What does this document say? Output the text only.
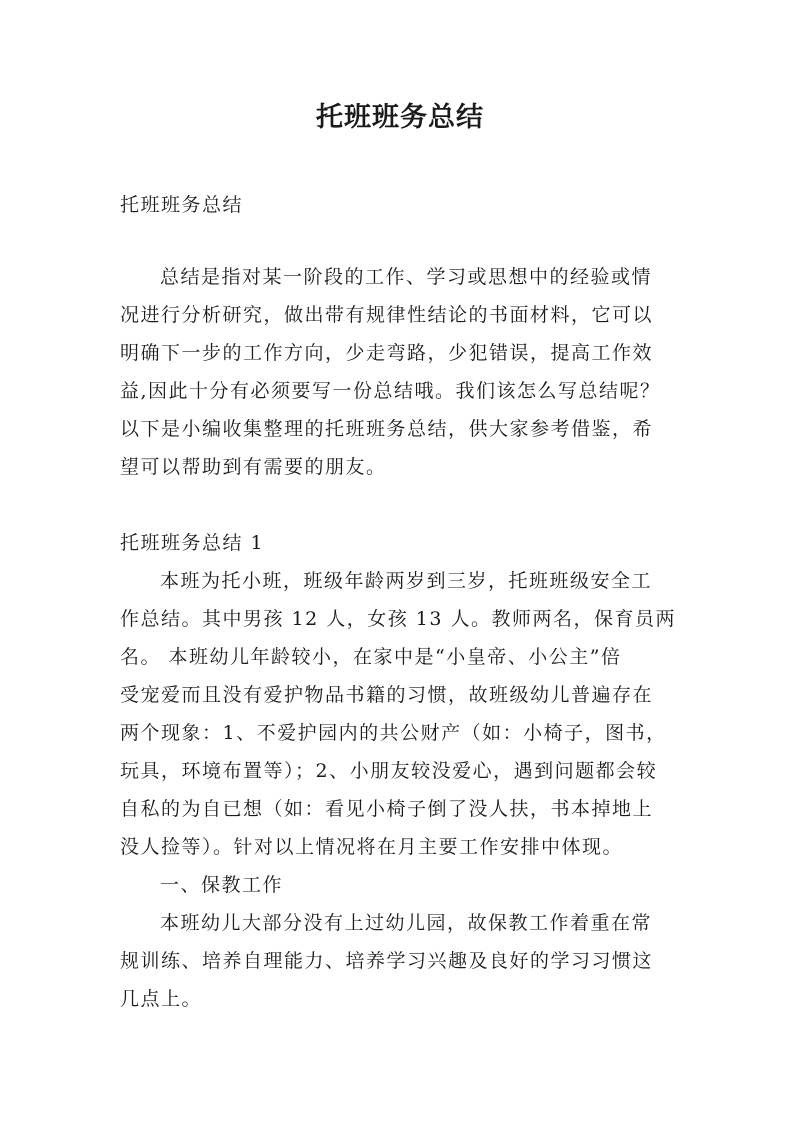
托班班务总结
托班班务总结
总结是指对某一阶段的工作、学习或思想中的经验或情
况进行分析研究，做出带有规律性结论的书面材料，它可以
明确下一步的工作方向，少走弯路，少犯错误，提高工作效
益,因此十分有必须要写一份总结哦。我们该怎么写总结呢？
以下是小编收集整理的托班班务总结，供大家参考借鉴，希
望可以帮助到有需要的朋友。
托班班务总结 1
本班为托小班，班级年龄两岁到三岁，托班班级安全工
作总结。其中男孩 12 人，女孩 13 人。教师两名，保育员两
名。 本班幼儿年龄较小，在家中是“小皇帝、小公主”倍
受宠爱而且没有爱护物品书籍的习惯，故班级幼儿普遍存在
两个现象：1、不爱护园内的共公财产（如：小椅子，图书，
玩具，环境布置等）；2、小朋友较没爱心，遇到问题都会较
自私的为自已想（如：看见小椅子倒了没人扶，书本掉地上
没人捡等）。针对以上情况将在月主要工作安排中体现。
一、保教工作
本班幼儿大部分没有上过幼儿园，故保教工作着重在常
规训练、培养自理能力、培养学习兴趣及良好的学习习惯这
几点上。
